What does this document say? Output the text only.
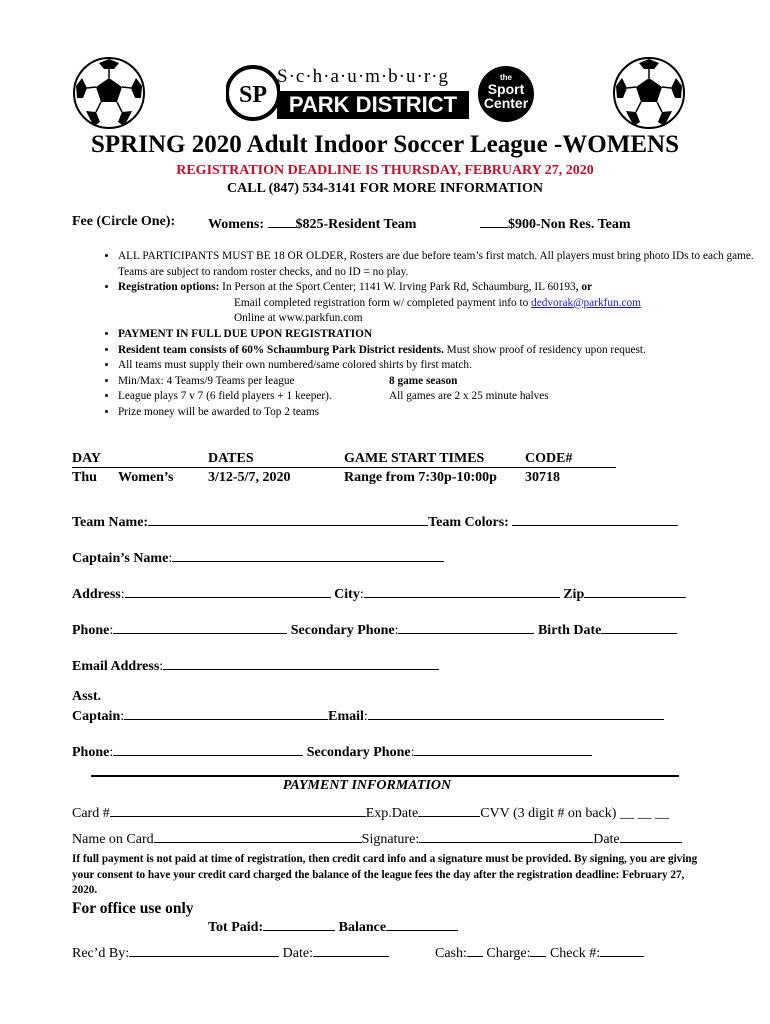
SP
S·c·h·a·u·m·b·u·r·g
PARK DISTRICT
the
Sport
Center
SPRING 2020 Adult Indoor Soccer League -WOMENS
REGISTRATION DEADLINE IS THURSDAY, FEBRUARY 27, 2020
CALL (847) 534-3141 FOR MORE INFORMATION
Fee (Circle One): Womens: $825-Resident Team	$900-Non Res. Team
• ALL PARTICIPANTS MUST BE 18 OR OLDER, Rosters are due before team’s first match. All players must bring photo IDs to each game. Teams are subject to random roster checks, and no ID = no play.
• Registration options: In Person at the Sport Center; 1141 W. Irving Park Rd, Schaumburg, IL 60193, or
Email completed registration form w/ completed payment info to dedvorak@parkfun.com
Online at www.parkfun.com
• PAYMENT IN FULL DUE UPON REGISTRATION
• Resident team consists of 60% Schaumburg Park District residents. Must show proof of residency upon request.
• All teams must supply their own numbered/same colored shirts by first match.
• Min/Max: 4 Teams/9 Teams per league	8 game season
• League plays 7 v 7 (6 field players + 1 keeper).	All games are 2 x 25 minute halves
• Prize money will be awarded to Top 2 teams
DAY	DATES	GAME START TIMES	CODE#
Thu Women’s 3/12-5/7, 2020	Range from 7:30p-10:00p 30718
Team Name:	Team Colors:
Captain’s Name:
Address:	City:	Zip
Phone:	Secondary Phone:	Birth Date
Email Address:
Asst.
Captain:	Email:
Phone:	Secondary Phone:
PAYMENT INFORMATION
Card #	Exp.Date	CVV (3 digit # on back) __ __ __
Name on Card	Signature:	Date
If full payment is not paid at time of registration, then credit card info and a signature must be provided. By signing, you are giving your consent to have your credit card charged the balance of the league fees the day after the registration deadline: February 27, 2020.
For office use only
Tot Paid:	Balance
Rec’d By:	Date:	Cash: Charge: Check #:
